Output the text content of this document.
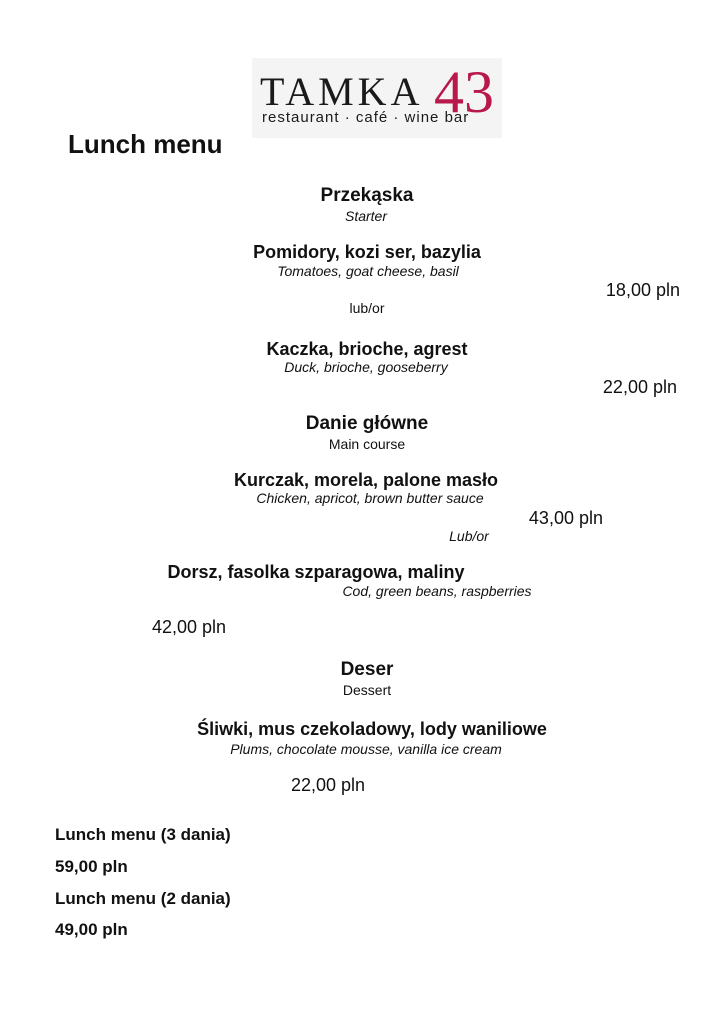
TAMKA 43
restaurant · café · wine bar
Lunch menu
Przekąska
Starter
Pomidory, kozi ser, bazylia
Tomatoes, goat cheese, basil
18,00 pln
lub/or
Kaczka, brioche, agrest
Duck, brioche, gooseberry
22,00 pln
Danie główne
Main course
Kurczak, morela, palone masło
Chicken, apricot, brown butter sauce
43,00 pln
Lub/or
Dorsz, fasolka szparagowa, maliny
Cod, green beans, raspberries
42,00 pln
Deser
Dessert
Śliwki, mus czekoladowy, lody waniliowe
Plums, chocolate mousse, vanilla ice cream
22,00 pln
Lunch menu (3 dania)
59,00 pln
Lunch menu (2 dania)
49,00 pln
